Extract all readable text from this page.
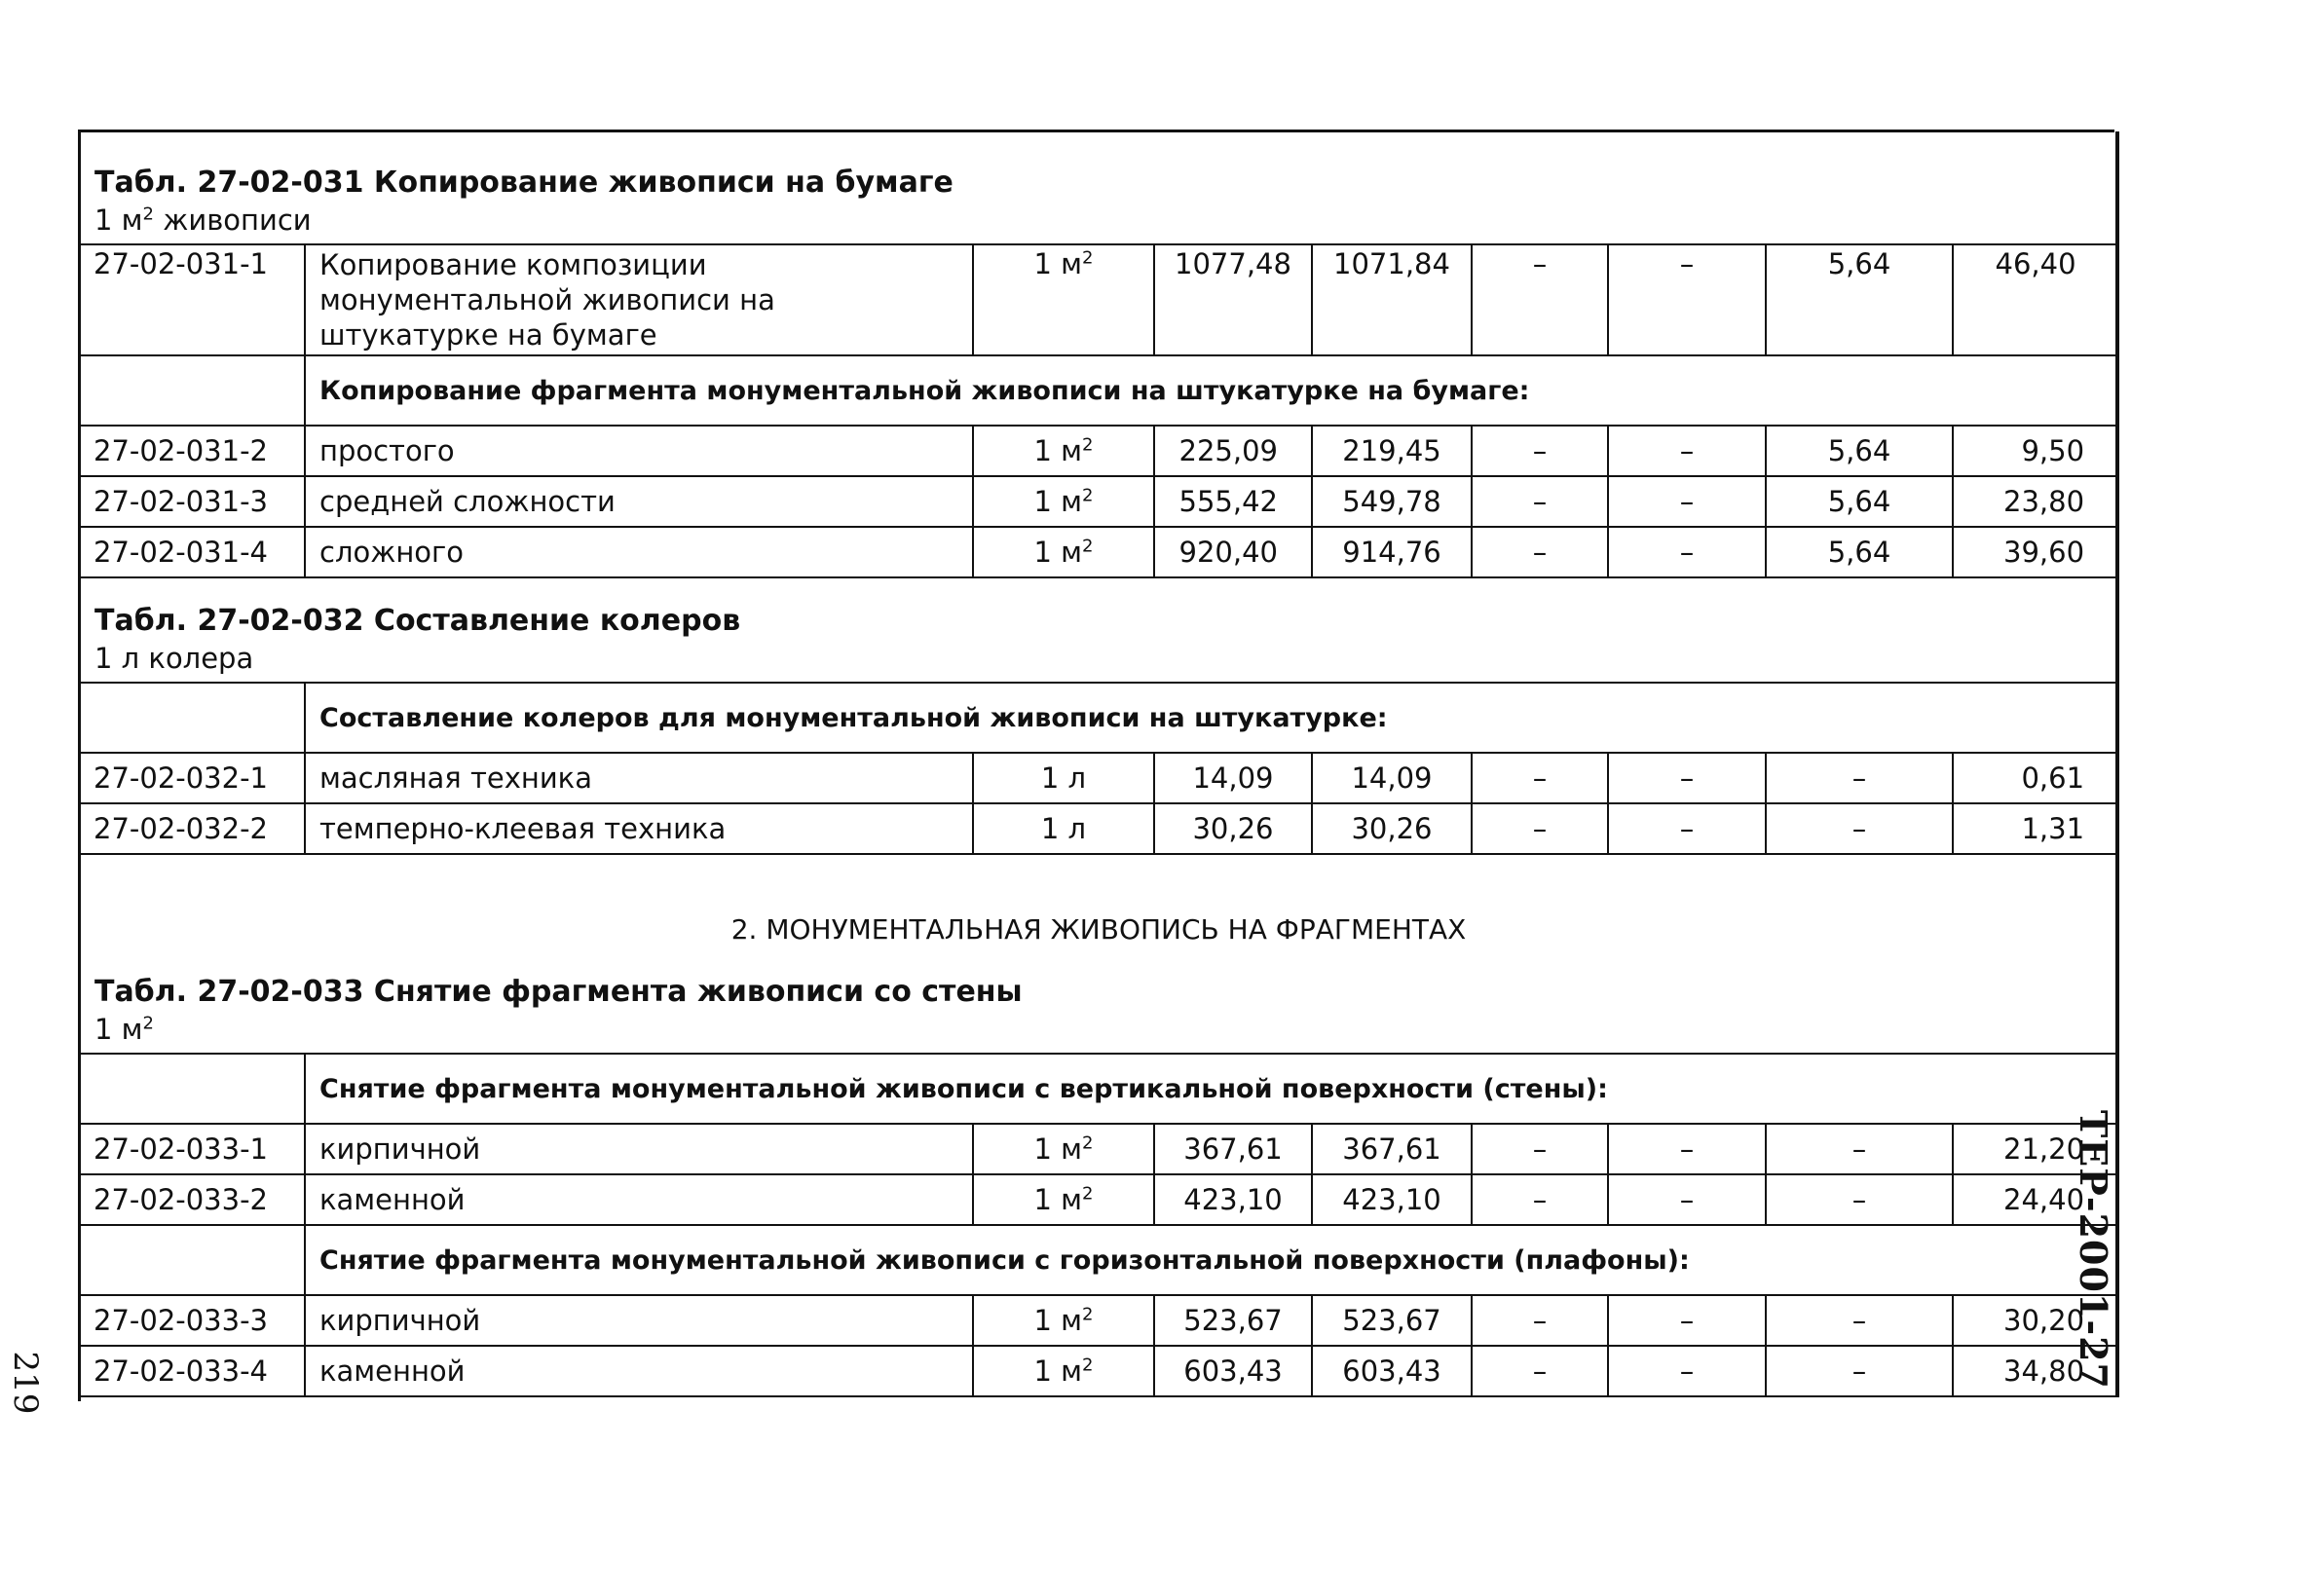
ТЕР-2001-27
219
Табл. 27-02-031 Копирование живописи на бумаге
1 $м^2$ живописи								

27-02-031-1	Копирование композиции монументальной живописи на штукатурке на бумаге	1 $м^2$	1077,48	1071,84	–	–	5,64	46,40
	Копирование фрагмента монументальной живописи на штукатурке на бумаге:							
27-02-031-2	простого	1 $м^2$	225,09	219,45	–	–	5,64	9,50
27-02-031-3	средней сложности	1 $м^2$	555,42	549,78	–	–	5,64	23,80
27-02-031-4	сложного	1 $м^2$	920,40	914,76	–	–	5,64	39,60

Табл. 27-02-032 Составление колеров
1 л колера								

	Составление колеров для монументальной живописи на штукатурке:							
27-02-032-1	масляная техника	1 л	14,09	14,09	–	–	–	0,61
27-02-032-2	темперно-клеевая техника	1 л	30,26	30,26	–	–	–	1,31

2. МОНУМЕНТАЛЬНАЯ ЖИВОПИСЬ НА ФРАГМЕНТАХ
Табл. 27-02-033 Снятие фрагмента живописи со стены
1 $м^2$

	Снятие фрагмента монументальной живописи с вертикальной поверхности (стены):							
27-02-033-1	кирпичной	1 $м^2$	367,61	367,61	–	–	–	21,20
27-02-033-2	каменной	1 $м^2$	423,10	423,10	–	–	–	24,40
	Снятие фрагмента монументальной живописи с горизонтальной поверхности (плафоны):							
27-02-033-3	кирпичной	1 $м^2$	523,67	523,67	–	–	–	30,20
27-02-033-4	каменной	1 $м^2$	603,43	603,43	–	–	–	34,80
